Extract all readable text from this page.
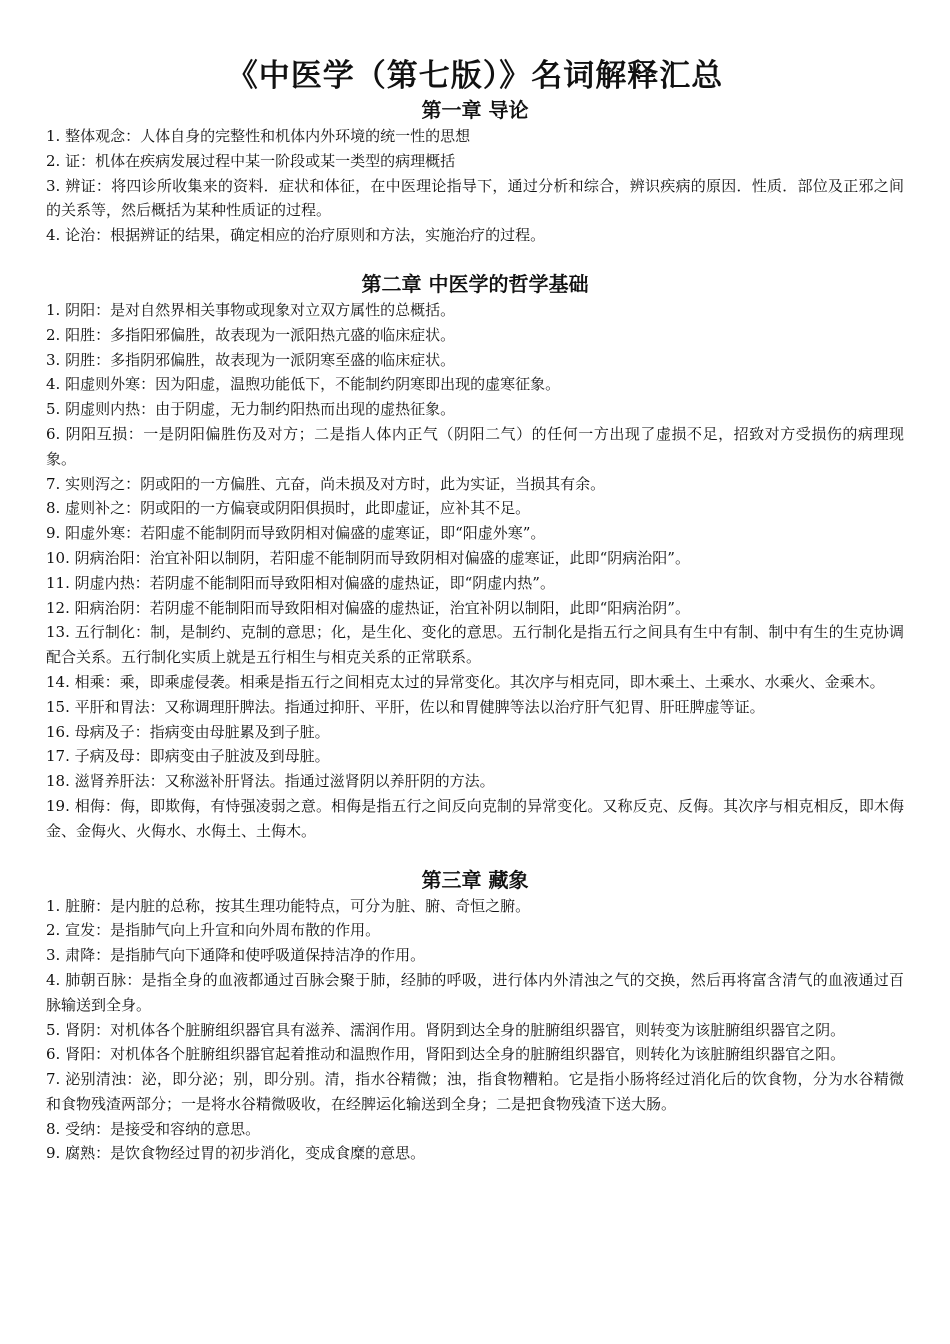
《中医学（第七版）》名词解释汇总
第一章 导论

1. 整体观念：人体自身的完整性和机体内外环境的统一性的思想

2. 证：机体在疾病发展过程中某一阶段或某一类型的病理概括

3. 辨证：将四诊所收集来的资料．症状和体征，在中医理论指导下，通过分析和综合，辨识疾病的原因．性质．部位及正邪之间的关系等，然后概括为某种性质证的过程。

4. 论治：根据辨证的结果，确定相应的治疗原则和方法，实施治疗的过程。

第二章 中医学的哲学基础

1. 阴阳：是对自然界相关事物或现象对立双方属性的总概括。

2. 阳胜：多指阳邪偏胜，故表现为一派阳热亢盛的临床症状。

3. 阴胜：多指阴邪偏胜，故表现为一派阴寒至盛的临床症状。

4. 阳虚则外寒：因为阳虚，温煦功能低下，不能制约阴寒即出现的虚寒征象。

5. 阴虚则内热：由于阴虚，无力制约阳热而出现的虚热征象。

6. 阴阳互损：一是阴阳偏胜伤及对方；二是指人体内正气（阴阳二气）的任何一方出现了虚损不足，招致对方受损伤的病理现象。

7. 实则泻之：阴或阳的一方偏胜、亢奋，尚未损及对方时，此为实证，当损其有余。

8. 虚则补之：阴或阳的一方偏衰或阴阳俱损时，此即虚证，应补其不足。

9. 阳虚外寒：若阳虚不能制阴而导致阴相对偏盛的虚寒证，即“阳虚外寒”。

10. 阴病治阳：治宜补阳以制阴，若阳虚不能制阴而导致阴相对偏盛的虚寒证，此即“阴病治阳”。

11. 阴虚内热：若阴虚不能制阳而导致阳相对偏盛的虚热证，即“阴虚内热”。

12. 阳病治阴：若阴虚不能制阳而导致阳相对偏盛的虚热证，治宜补阴以制阳，此即“阳病治阴”。

13. 五行制化：制，是制约、克制的意思；化，是生化、变化的意思。五行制化是指五行之间具有生中有制、制中有生的生克协调配合关系。五行制化实质上就是五行相生与相克关系的正常联系。

14. 相乘：乘，即乘虚侵袭。相乘是指五行之间相克太过的异常变化。其次序与相克同，即木乘土、土乘水、水乘火、金乘木。

15. 平肝和胃法：又称调理肝脾法。指通过抑肝、平肝，佐以和胃健脾等法以治疗肝气犯胃、肝旺脾虚等证。

16. 母病及子：指病变由母脏累及到子脏。

17. 子病及母：即病变由子脏波及到母脏。

18. 滋肾养肝法：又称滋补肝肾法。指通过滋肾阴以养肝阴的方法。

19. 相侮：侮，即欺侮，有恃强凌弱之意。相侮是指五行之间反向克制的异常变化。又称反克、反侮。其次序与相克相反，即木侮金、金侮火、火侮水、水侮土、土侮木。

第三章 藏象

1. 脏腑：是内脏的总称，按其生理功能特点，可分为脏、腑、奇恒之腑。

2. 宣发：是指肺气向上升宣和向外周布散的作用。

3. 肃降：是指肺气向下通降和使呼吸道保持洁净的作用。

4. 肺朝百脉：是指全身的血液都通过百脉会聚于肺，经肺的呼吸，进行体内外清浊之气的交换，然后再将富含清气的血液通过百脉输送到全身。

5. 肾阴：对机体各个脏腑组织器官具有滋养、濡润作用。肾阴到达全身的脏腑组织器官，则转变为该脏腑组织器官之阴。

6. 肾阳：对机体各个脏腑组织器官起着推动和温煦作用，肾阳到达全身的脏腑组织器官，则转化为该脏腑组织器官之阳。

7. 泌别清浊：泌，即分泌；别，即分别。清，指水谷精微；浊，指食物糟粕。它是指小肠将经过消化后的饮食物，分为水谷精微和食物残渣两部分；一是将水谷精微吸收，在经脾运化输送到全身；二是把食物残渣下送大肠。

8. 受纳：是接受和容纳的意思。

9. 腐熟：是饮食物经过胃的初步消化，变成食糜的意思。
